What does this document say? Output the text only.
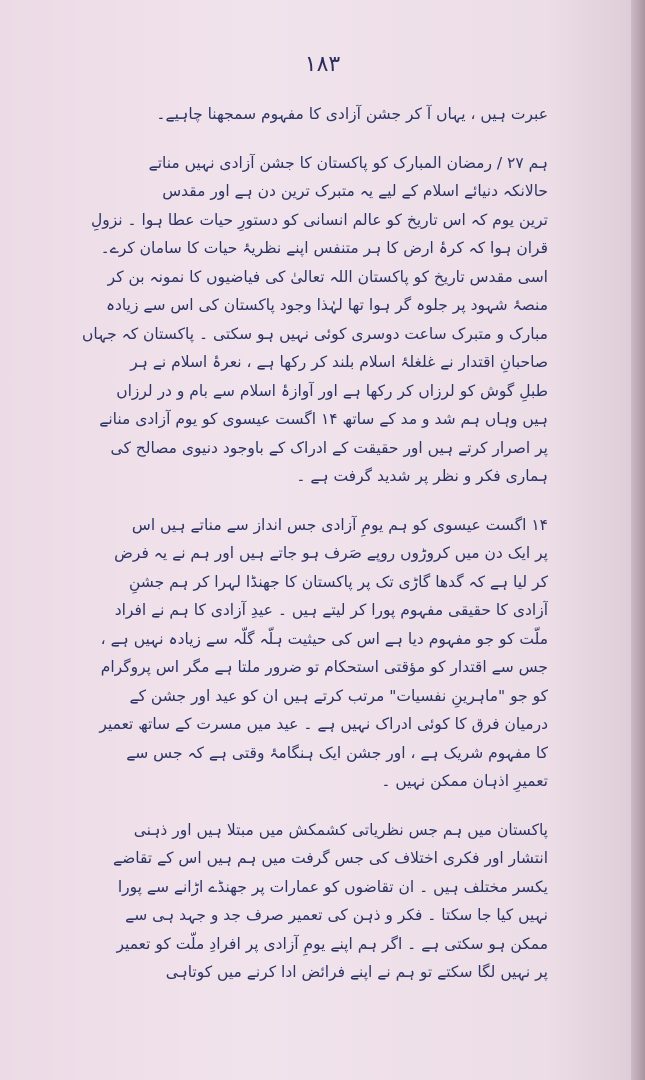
۱۸۳
عبرت ہیں ، یہاں آ کر جشن آزادی کا مفہوم سمجھنا چاہیے۔
ہم ۲۷ / رمضان المبارک کو پاکستان کا جشن آزادی نہیں مناتے
حالانکہ دنیائے اسلام کے لیے یہ متبرک ترین دن ہے اور مقدس
ترین یوم کہ اس تاریخ کو عالم انسانی کو دستورِ حیات عطا ہوا ۔ نزولِ
قران ہوا کہ کرۂ ارض کا ہر متنفس اپنے نظریۂ حیات کا سامان کرے۔
اسی مقدس تاریخ کو پاکستان اللہ تعالیٰ کی فیاضیوں کا نمونہ بن کر
منصۂ شہود پر جلوہ گر ہوا تھا لہٰذا وجود پاکستان کی اس سے زیادہ
مبارک و متبرک ساعت دوسری کوئی نہیں ہو سکتی ۔ پاکستان کہ جہاں
صاحبانِ اقتدار نے غلغلۂ اسلام بلند کر رکھا ہے ، نعرۂ اسلام نے ہر
طبلِ گوش کو لرزاں کر رکھا ہے اور آوازۂ اسلام سے بام و در لرزاں
ہیں وہاں ہم شد و مد کے ساتھ ۱۴ اگست عیسوی کو یوم آزادی منانے
پر اصرار کرتے ہیں اور حقیقت کے ادراک کے باوجود دنیوی مصالح کی
ہماری فکر و نظر پر شدید گرفت ہے ۔
۱۴ اگست عیسوی کو ہم یومِ آزادی جس انداز سے مناتے ہیں اس
پر ایک دن میں کروڑوں روپے صَرف ہو جاتے ہیں اور ہم نے یہ فرض
کر لیا ہے کہ گدھا گاڑی تک پر پاکستان کا جھنڈا لہرا کر ہم جشنِ
آزادی کا حقیقی مفہوم پورا کر لیتے ہیں ۔ عیدِ آزادی کا ہم نے افراد
ملّت کو جو مفہوم دیا ہے اس کی حیثیت ہلّہ گلّہ سے زیادہ نہیں ہے ،
جس سے اقتدار کو مؤقتی استحکام تو ضرور ملتا ہے مگر اس پروگرام
کو جو "ماہرینِ نفسیات" مرتب کرتے ہیں ان کو عید اور جشن کے
درمیان فرق کا کوئی ادراک نہیں ہے ۔ عید میں مسرت کے ساتھ تعمیر
کا مفہوم شریک ہے ، اور جشن ایک ہنگامۂ وقتی ہے کہ جس سے
تعمیرِ اذہان ممکن نہیں ۔
پاکستان میں ہم جس نظریاتی کشمکش میں مبتلا ہیں اور ذہنی
انتشار اور فکری اختلاف کی جس گرفت میں ہم ہیں اس کے تقاضے
یکسر مختلف ہیں ۔ ان تقاضوں کو عمارات پر جھنڈے اڑانے سے پورا
نہیں کیا جا سکتا ۔ فکر و ذہن کی تعمیر صرف جد و جہد ہی سے
ممکن ہو سکتی ہے ۔ اگر ہم اپنے یومِ آزادی پر افرادِ ملّت کو تعمیر
پر نہیں لگا سکتے تو ہم نے اپنے فرائض ادا کرنے میں کوتاہی
